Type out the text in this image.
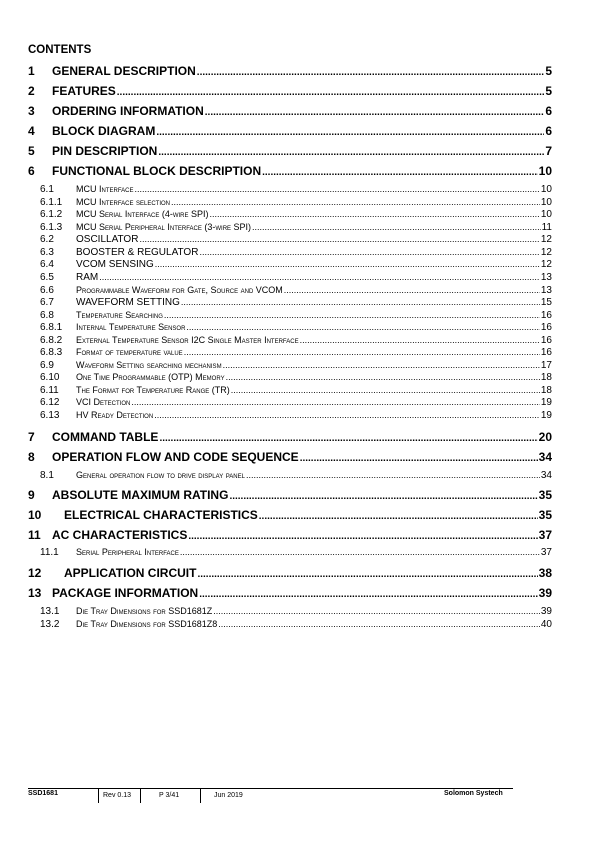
CONTENTS
1 GENERAL DESCRIPTION .....	5
2 FEATURES .....	5
3 ORDERING INFORMATION .....	6
4 BLOCK DIAGRAM .....	6
5 PIN DESCRIPTION .....	7
6 FUNCTIONAL BLOCK DESCRIPTION .....	10
6.1 MCU Interface .....	10
6.1.1 MCU Interface selection .....	10
6.1.2 MCU Serial Interface (4-wire SPI) .....	10
6.1.3 MCU Serial Peripheral Interface (3-wire SPI) .....	11
6.2 OSCILLATOR .....	12
6.3 BOOSTER & REGULATOR .....	12
6.4 VCOM SENSING .....	12
6.5 RAM .....	13
6.6 Programmable Waveform for Gate, Source and VCOM .....	13
6.7 WAVEFORM SETTING .....	15
6.8 Temperature Searching .....	16
6.8.1 Internal Temperature Sensor .....	16
6.8.2 External Temperature Sensor I2C Single Master Interface .....	16
6.8.3 Format of temperature value .....	16
6.9 Waveform Setting searching mechanism .....	17
6.10 One Time Programmable (OTP) Memory .....	18
6.11 The Format for Temperature Range (TR) .....	18
6.12 VCI Detection .....	19
6.13 HV Ready Detection .....	19
7 COMMAND TABLE .....	20
8 OPERATION FLOW AND CODE SEQUENCE .....	34
8.1 General operation flow to drive display panel .....	34
9 ABSOLUTE MAXIMUM RATING .....	35
10 ELECTRICAL CHARACTERISTICS .....	35
11 AC CHARACTERISTICS .....	37
11.1 Serial Peripheral Interface .....	37
12 APPLICATION CIRCUIT .....	38
13 PACKAGE INFORMATION .....	39
13.1 Die Tray Dimensions for SSD1681Z .....	39
13.2 Die Tray Dimensions for SSD1681Z8 .....	40
SSD1681	Rev 0.13	P 3/41	Jun 2019	Solomon Systech
